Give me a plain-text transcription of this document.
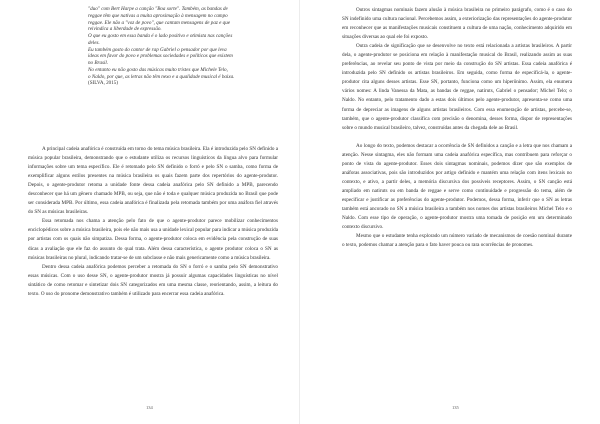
"duo" com Bert Harpe a canção "Boa sorte". Também, as bandas de

reggae têm que nativas a muita aproximação à mensagem no campo

reggae. Ele não a "voz de povo", que cantam mensagens de paz e que

reivindica a liberdade de expressão.

O que eu gosto em essa banda é o lado positivo e otimista nas canções

deles.

Eu também gosto do cantor de rap Gabriel o pensador por que leva

ideas em favor do povo e problemas sociedades e políticos que existem

no Brasil.

No entanto eu não gosto das músicas muito tristes que Michele Telo,

o Naldo, por que, as letras não têm nexo e a qualidade musical é baixa.

(SILVA, 2015)

A principal cadeia anafórica é construída em torno do tema música brasileira. Ela é introduzida pelo SN definido a música popular brasileira, demonstrando que o estudante utiliza os recursos linguísticos da língua alvo para formular informações sobre um tema específico. Ele é retomado pelo SN definido o forró e pelo SN o samba, como forma de exemplificar alguns estilos presentes na música brasileira os quais fazem parte dos repertórios do agente-produtor. Depois, o agente-produtor retoma a unidade fonte dessa cadeia anafórica pelo SN definido a MPB, parecendo desconhecer que há um gênero chamado MPB, ou seja, que não é toda e qualquer música produzida no Brasil que pode ser considerada MPB. Por último, essa cadeia anafórica é finalizada pela retomada também por uma anáfora fiel através do SN as músicas brasileiras.

Essa retomada nos chama a atenção pelo fato de que o agente-produtor parece mobilizar conhecimentos enciclopédicos sobre a música brasileira, pois ele não mais usa a unidade lexical popular para indicar a música produzida por artistas com os quais não simpatiza. Dessa forma, o agente-produtor coloca em evidência pela construção de suas dicas a avaliação que ele faz do assunto do qual trata. Além dessa característica, o agente produtor coloca o SN as músicas brasileiras no plural, indicando tratar-se de um subclasse e não mais genericamente como a música brasileira.

Dentro dessa cadeia anafórica podemos perceber a retomada do SN o forró e o samba pelo SN demonstrativo essas músicas. Com o uso desse SN, o agente-produtor mostra já possuir algumas capacidades linguísticas no nível sintático de como retomar e sintetizar dois SN categorizados em uma mesma classe, reorientando, assim, a leitura do texto. O uso do pronome demonstrativo também é utilizado para encerrar essa cadeia anafórica.

134

Outros sintagmas nominais fazem alusão à música brasileira no primeiro parágrafo, como é o caso do SN indefinido uma cultura nacional. Percebemos assim, a exteriorização das representações do agente-produtor em reconhecer que as manifestações musicais constituem a cultura de uma nação, conhecimento adquirido em situações diversas ao qual ele foi exposto.

Outra cadeia de significação que se desenvolve no texto está relacionada a artistas brasileiros. A partir dela, o agente-produtor se posiciona em relação à manifestação musical do Brasil, realizando assim as suas preferências, ao revelar seu ponto de vista por meio da construção do SN artistas. Essa cadeia anafórica é introduzida pelo SN definido os artistas brasileiros. Em seguida, como forma de especificá-la, o agente-produtor cita alguns desses artistas. Esse SN, portanto, funciona como um hiperônimo. Assim, ela enumera vários nomes: A linda Vanessa da Mata, as bandas de reggae, natiruts, Gabriel o pensador; Michel Telo; o Naldo. No entanto, pelo tratamento dado a estas dois últimos pelo agente-produtor, apresenta-se como uma forma de depreciar as imagens de alguns artistas brasileiros. Com essa enumeração de artistas, percebe-se, também, que o agente-produtor classifica com precisão o denomina, desses forma, dispor de representações sobre o mundo musical brasileiro, talvez, construídas antes da chegada dele ao Brasil.

Ao longo do texto, podemos destacar a ocorrência de SN definidos a canção e a letra que nos chamam a atenção. Nesse sintagma, eles não formam uma cadeia anafórica específica, mas contribuem para reforçar o ponto de vista do agente-produtor. Esses dois sintagmas nominais, podemos dizer que são exemplos de anáforas associativas, pois são introduzidos por artigo definido e mantém uma relação com itens lexicais no contexto, e ativo, a partir deles, a memória discursiva dos possíveis receptores. Assim, o SN canção está ampliado em natiruts ou em banda de reggae e serve como continuidade e progressão do tema, além de especificar e justificar as preferências do agente-produtor. Podemos, dessa forma, inferir que o SN as letras também está ancorado no SN a música brasileira a também nos nomes dos artistas brasileiros Michel Telo e o Naldo. Com esse tipo de operação, o agente-produtor mostra uma tomada de posição em um determinado contexto discursivo.

Mesmo que o estudante tenha explorado um número variado de mecanismos de coesão nominal durante o texto, podemos chamar a atenção para o fato haver pouca ou rara ocorrências de pronomes.

135
